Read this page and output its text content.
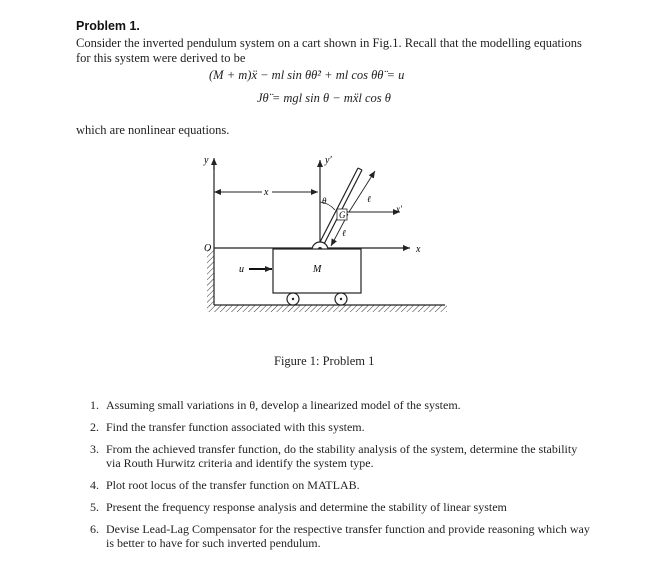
Problem 1.
Consider the inverted pendulum system on a cart shown in Fig.1. Recall that the modelling equations for this system were derived to be
(M + m)ẍ − ml sin θθ̇² + ml cos θθ̈ = u
Jθ̈ = mgl sin θ − mẍl cos θ
which are nonlinear equations.
y	y′
x
θ	ℓ
x′
G
ℓ
O	x
u	M
Figure 1: Problem 1
1. Assuming small variations in θ, develop a linearized model of the system.
2. Find the transfer function associated with this system.
3. From the achieved transfer function, do the stability analysis of the system, determine the stability via Routh Hurwitz criteria and identify the system type.
4. Plot root locus of the transfer function on MATLAB.
5. Present the frequency response analysis and determine the stability of linear system
6. Devise Lead-Lag Compensator for the respective transfer function and provide reasoning which way is better to have for such inverted pendulum.
